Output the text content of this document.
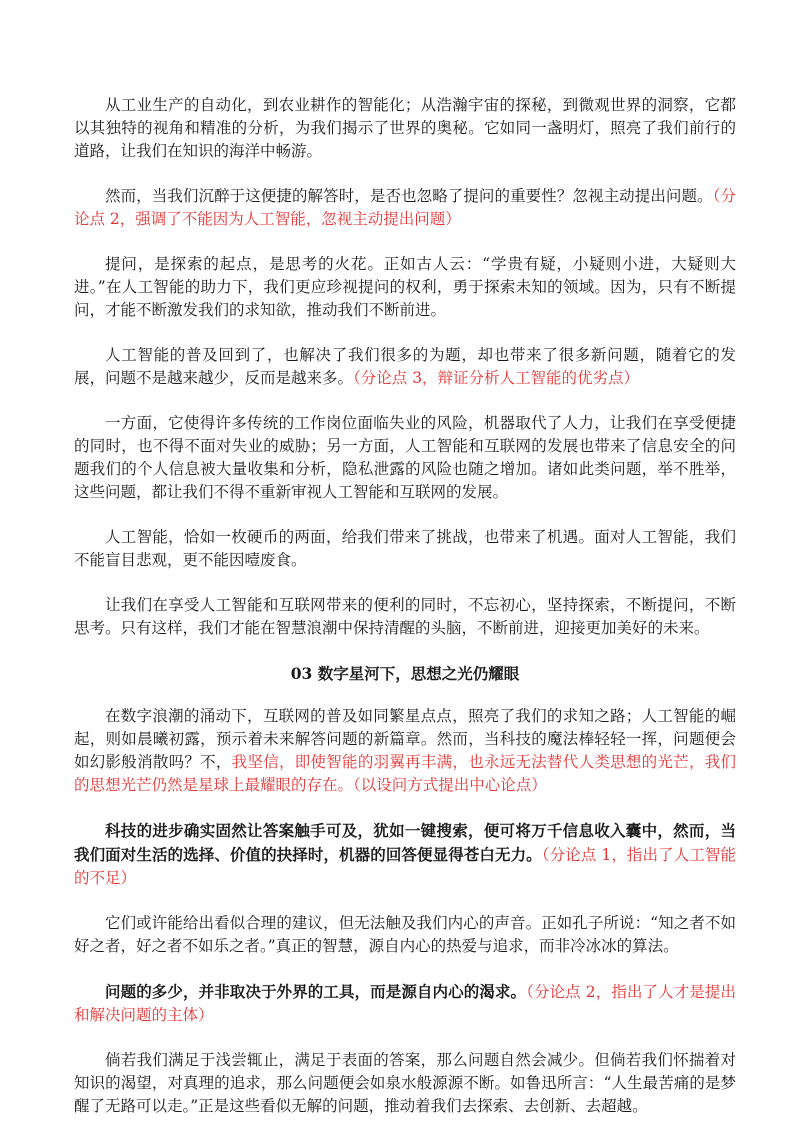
从工业生产的自动化，到农业耕作的智能化；从浩瀚宇宙的探秘，到微观世界的洞察，它都以其独特的视角和精准的分析，为我们揭示了世界的奥秘。它如同一盏明灯，照亮了我们前行的道路，让我们在知识的海洋中畅游。

然而，当我们沉醉于这便捷的解答时，是否也忽略了提问的重要性？忽视主动提出问题。（分论点 2，强调了不能因为人工智能，忽视主动提出问题）

提问，是探索的起点，是思考的火花。正如古人云：“学贵有疑，小疑则小进，大疑则大进。”在人工智能的助力下，我们更应珍视提问的权利，勇于探索未知的领域。因为，只有不断提问，才能不断激发我们的求知欲，推动我们不断前进。

人工智能的普及回到了，也解决了我们很多的为题，却也带来了很多新问题，随着它的发展，问题不是越来越少，反而是越来多。（分论点 3，辩证分析人工智能的优劣点）

一方面，它使得许多传统的工作岗位面临失业的风险，机器取代了人力，让我们在享受便捷的同时，也不得不面对失业的威胁；另一方面，人工智能和互联网的发展也带来了信息安全的问题我们的个人信息被大量收集和分析，隐私泄露的风险也随之增加。诸如此类问题，举不胜举，这些问题，都让我们不得不重新审视人工智能和互联网的发展。

人工智能，恰如一枚硬币的两面，给我们带来了挑战，也带来了机遇。面对人工智能，我们不能盲目悲观，更不能因噎废食。

让我们在享受人工智能和互联网带来的便利的同时，不忘初心，坚持探索，不断提问，不断思考。只有这样，我们才能在智慧浪潮中保持清醒的头脑，不断前进，迎接更加美好的未来。

03 数字星河下，思想之光仍耀眼

在数字浪潮的涌动下，互联网的普及如同繁星点点，照亮了我们的求知之路；人工智能的崛起，则如晨曦初露，预示着未来解答问题的新篇章。然而，当科技的魔法棒轻轻一挥，问题便会如幻影般消散吗？不，我坚信，即使智能的羽翼再丰满，也永远无法替代人类思想的光芒，我们的思想光芒仍然是星球上最耀眼的存在。（以设问方式提出中心论点）

科技的进步确实固然让答案触手可及，犹如一键搜索，便可将万千信息收入囊中，然而，当我们面对生活的选择、价值的抉择时，机器的回答便显得苍白无力。（分论点 1，指出了人工智能的不足）

它们或许能给出看似合理的建议，但无法触及我们内心的声音。正如孔子所说：“知之者不如好之者，好之者不如乐之者。”真正的智慧，源自内心的热爱与追求，而非冷冰冰的算法。

问题的多少，并非取决于外界的工具，而是源自内心的渴求。（分论点 2，指出了人才是提出和解决问题的主体）

倘若我们满足于浅尝辄止，满足于表面的答案，那么问题自然会减少。但倘若我们怀揣着对知识的渴望，对真理的追求，那么问题便会如泉水般源源不断。如鲁迅所言：“人生最苦痛的是梦醒了无路可以走。”正是这些看似无解的问题，推动着我们去探索、去创新、去超越。
